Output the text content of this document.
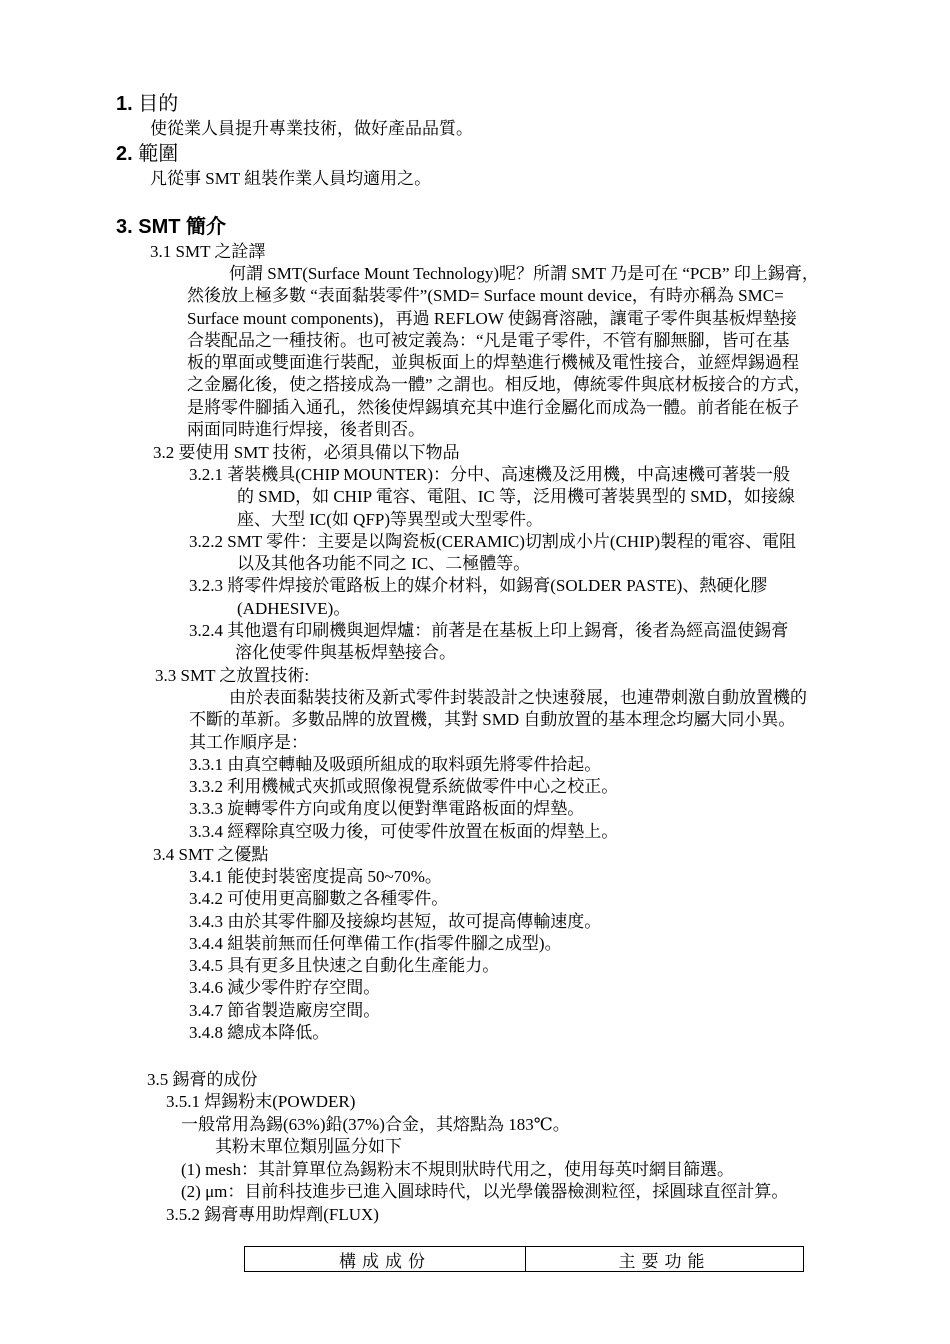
1. 目的
使從業人員提升專業技術，做好產品品質。
2. 範圍
凡從事 SMT 組裝作業人員均適用之。
3. SMT 簡介
3.1 SMT 之詮譯
何謂 SMT(Surface Mount Technology)呢？所謂 SMT 乃是可在 “PCB” 印上錫膏，
然後放上極多數 “表面黏裝零件”(SMD= Surface mount device，有時亦稱為 SMC=
Surface mount components)，再過 REFLOW 使錫膏溶融，讓電子零件與基板焊墊接
合裝配品之一種技術。也可被定義為：“凡是電子零件，不管有腳無腳，皆可在基
板的單面或雙面進行裝配，並與板面上的焊墊進行機械及電性接合，並經焊錫過程
之金屬化後，使之搭接成為一體” 之謂也。相反地，傳統零件與底材板接合的方式，
是將零件腳插入通孔，然後使焊錫填充其中進行金屬化而成為一體。前者能在板子
兩面同時進行焊接，後者則否。
3.2 要使用 SMT 技術，必須具備以下物品
3.2.1 著裝機具(CHIP MOUNTER)：分中、高速機及泛用機，中高速機可著裝一般
的 SMD，如 CHIP 電容、電阻、IC 等，泛用機可著裝異型的 SMD，如接線
座、大型 IC(如 QFP)等異型或大型零件。
3.2.2 SMT 零件：主要是以陶瓷板(CERAMIC)切割成小片(CHIP)製程的電容、電阻
以及其他各功能不同之 IC、二極體等。
3.2.3 將零件焊接於電路板上的媒介材料，如錫膏(SOLDER PASTE)、熱硬化膠
(ADHESIVE)。
3.2.4 其他還有印刷機與迴焊爐：前著是在基板上印上錫膏，後者為經高溫使錫膏
溶化使零件與基板焊墊接合。
3.3 SMT 之放置技術:
由於表面黏裝技術及新式零件封裝設計之快速發展，也連帶刺激自動放置機的
不斷的革新。多數品牌的放置機，其對 SMD 自動放置的基本理念均屬大同小異。
其工作順序是：
3.3.1 由真空轉軸及吸頭所組成的取料頭先將零件拾起。
3.3.2 利用機械式夾抓或照像視覺系統做零件中心之校正。
3.3.3 旋轉零件方向或角度以便對準電路板面的焊墊。
3.3.4 經釋除真空吸力後，可使零件放置在板面的焊墊上。
3.4 SMT 之優點
3.4.1 能使封裝密度提高 50~70%。
3.4.2 可使用更高腳數之各種零件。
3.4.3 由於其零件腳及接線均甚短，故可提高傳輸速度。
3.4.4 組裝前無而任何準備工作(指零件腳之成型)。
3.4.5 具有更多且快速之自動化生產能力。
3.4.6 減少零件貯存空間。
3.4.7 節省製造廠房空間。
3.4.8 總成本降低。
3.5 錫膏的成份
3.5.1 焊錫粉末(POWDER)
一般常用為錫(63%)鉛(37%)合金，其熔點為 183℃。
其粉末單位類別區分如下
(1) mesh：其計算單位為錫粉末不規則狀時代用之，使用每英吋網目篩選。
(2) μm：目前科技進步已進入圓球時代，以光學儀器檢測粒徑，採圓球直徑計算。
3.5.2 錫膏專用助焊劑(FLUX)
構成成份	主要功能
